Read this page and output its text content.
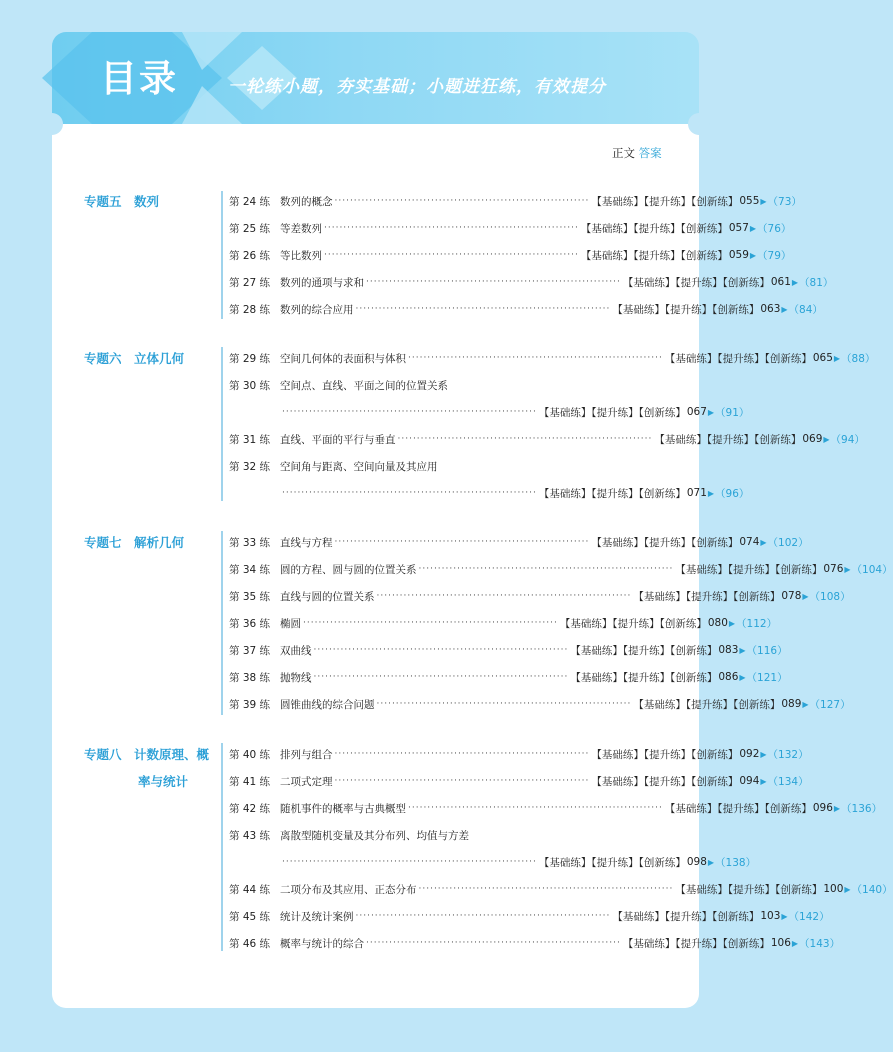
目录	一轮练小题，夯实基础；小题进狂练，有效提分
正文 答案
专题五　数列	第 24 练 数列的概念 ·································································· 【基础练】【提升练】【创新练】 055 ▶ （73）
第 25 练 等差数列 ·································································· 【基础练】【提升练】【创新练】 057 ▶ （76）
第 26 练 等比数列 ·································································· 【基础练】【提升练】【创新练】 059 ▶ （79）
第 27 练 数列的通项与求和 ·································································· 【基础练】【提升练】【创新练】 061 ▶ （81）
第 28 练 数列的综合应用 ·································································· 【基础练】【提升练】【创新练】 063 ▶ （84）
专题六　立体几何	第 29 练 空间几何体的表面积与体积 ·································································· 【基础练】【提升练】【创新练】 065 ▶ （88）
第 30 练 空间点、直线、平面之间的位置关系
·································································· 【基础练】【提升练】【创新练】 067 ▶ （91）
第 31 练 直线、平面的平行与垂直 ·································································· 【基础练】【提升练】【创新练】 069 ▶ （94）
第 32 练 空间角与距离、空间向量及其应用
·································································· 【基础练】【提升练】【创新练】 071 ▶ （96）
专题七　解析几何	第 33 练 直线与方程 ·································································· 【基础练】【提升练】【创新练】 074 ▶ （102）
第 34 练 圆的方程、圆与圆的位置关系 ·································································· 【基础练】【提升练】【创新练】 076 ▶ （104）
第 35 练 直线与圆的位置关系 ·································································· 【基础练】【提升练】【创新练】 078 ▶ （108）
第 36 练 椭圆 ·································································· 【基础练】【提升练】【创新练】 080 ▶ （112）
第 37 练 双曲线 ·································································· 【基础练】【提升练】【创新练】 083 ▶ （116）
第 38 练 抛物线 ·································································· 【基础练】【提升练】【创新练】 086 ▶ （121）
第 39 练 圆锥曲线的综合问题 ·································································· 【基础练】【提升练】【创新练】 089 ▶ （127）
专题八　计数原理、概
率与统计
第 40 练 排列与组合 ·································································· 【基础练】【提升练】【创新练】 092 ▶ （132）
第 41 练 二项式定理 ·································································· 【基础练】【提升练】【创新练】 094 ▶ （134）
第 42 练 随机事件的概率与古典概型 ·································································· 【基础练】【提升练】【创新练】 096 ▶ （136）
第 43 练 离散型随机变量及其分布列、均值与方差
·································································· 【基础练】【提升练】【创新练】 098 ▶ （138）
第 44 练 二项分布及其应用、正态分布 ·································································· 【基础练】【提升练】【创新练】 100 ▶ （140）
第 45 练 统计及统计案例 ·································································· 【基础练】【提升练】【创新练】 103 ▶ （142）
第 46 练 概率与统计的综合 ·································································· 【基础练】【提升练】【创新练】 106 ▶ （143）
